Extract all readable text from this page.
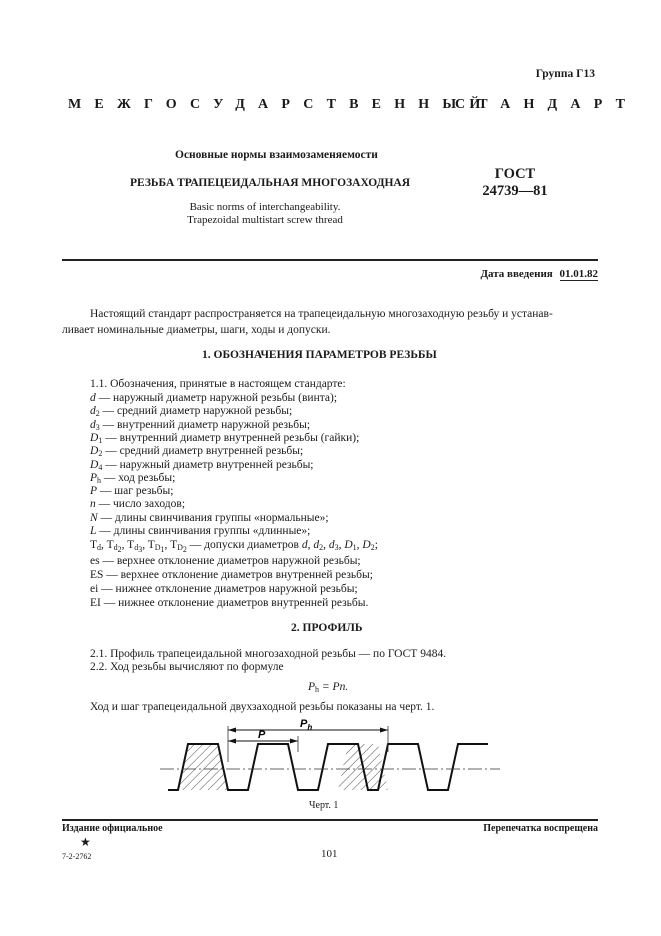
Группа Г13
МЕЖГОСУДАРСТВЕННЫЙ
СТАНДАРТ
Основные нормы взаимозаменяемости
РЕЗЬБА ТРАПЕЦЕИДАЛЬНАЯ МНОГОЗАХОДНАЯ
Basic norms of interchangeability.
Trapezoidal multistart screw thread
ГОСТ
24739—81
Дата введения 01.01.82
Настоящий стандарт распространяется на трапецеидальную многозаходную резьбу и устанав-
ливает номинальные диаметры, шаги, ходы и допуски.
1. ОБОЗНАЧЕНИЯ ПАРАМЕТРОВ РЕЗЬБЫ
1.1. Обозначения, принятые в настоящем стандарте:
d — наружный диаметр наружной резьбы (винта);
$d_2$ — средний диаметр наружной резьбы;
$d_3$ — внутренний диаметр наружной резьбы;
$D_1$ — внутренний диаметр внутренней резьбы (гайки);
$D_2$ — средний диаметр внутренней резьбы;
$D_4$ — наружный диаметр внутренней резьбы;
$P_h$ — ход резьбы;
P — шаг резьбы;
n — число заходов;
N — длины свинчивания группы «нормальные»;
L — длины свинчивания группы «длинные»;
$T_d$, $T_{d_2}$, $T_{d_3}$, $T_{D_1}$, $T_{D_2}$ — допуски диаметров d, $d_2$, $d_3$, $D_1$, $D_2$;
es — верхнее отклонение диаметров наружной резьбы;
ES — верхнее отклонение диаметров внутренней резьбы;
ei — нижнее отклонение диаметров наружной резьбы;
EI — нижнее отклонение диаметров внутренней резьбы.
2. ПРОФИЛЬ
2.1. Профиль трапецеидальной многозаходной резьбы — по ГОСТ 9484.
2.2. Ход резьбы вычисляют по формуле
$P_h = Pn$.
Ход и шаг трапецеидальной двухзаходной резьбы показаны на черт. 1.
P
$P_h$
Черт. 1
Издание официальное
★
Перепечатка воспрещена
7-2-2762	101
